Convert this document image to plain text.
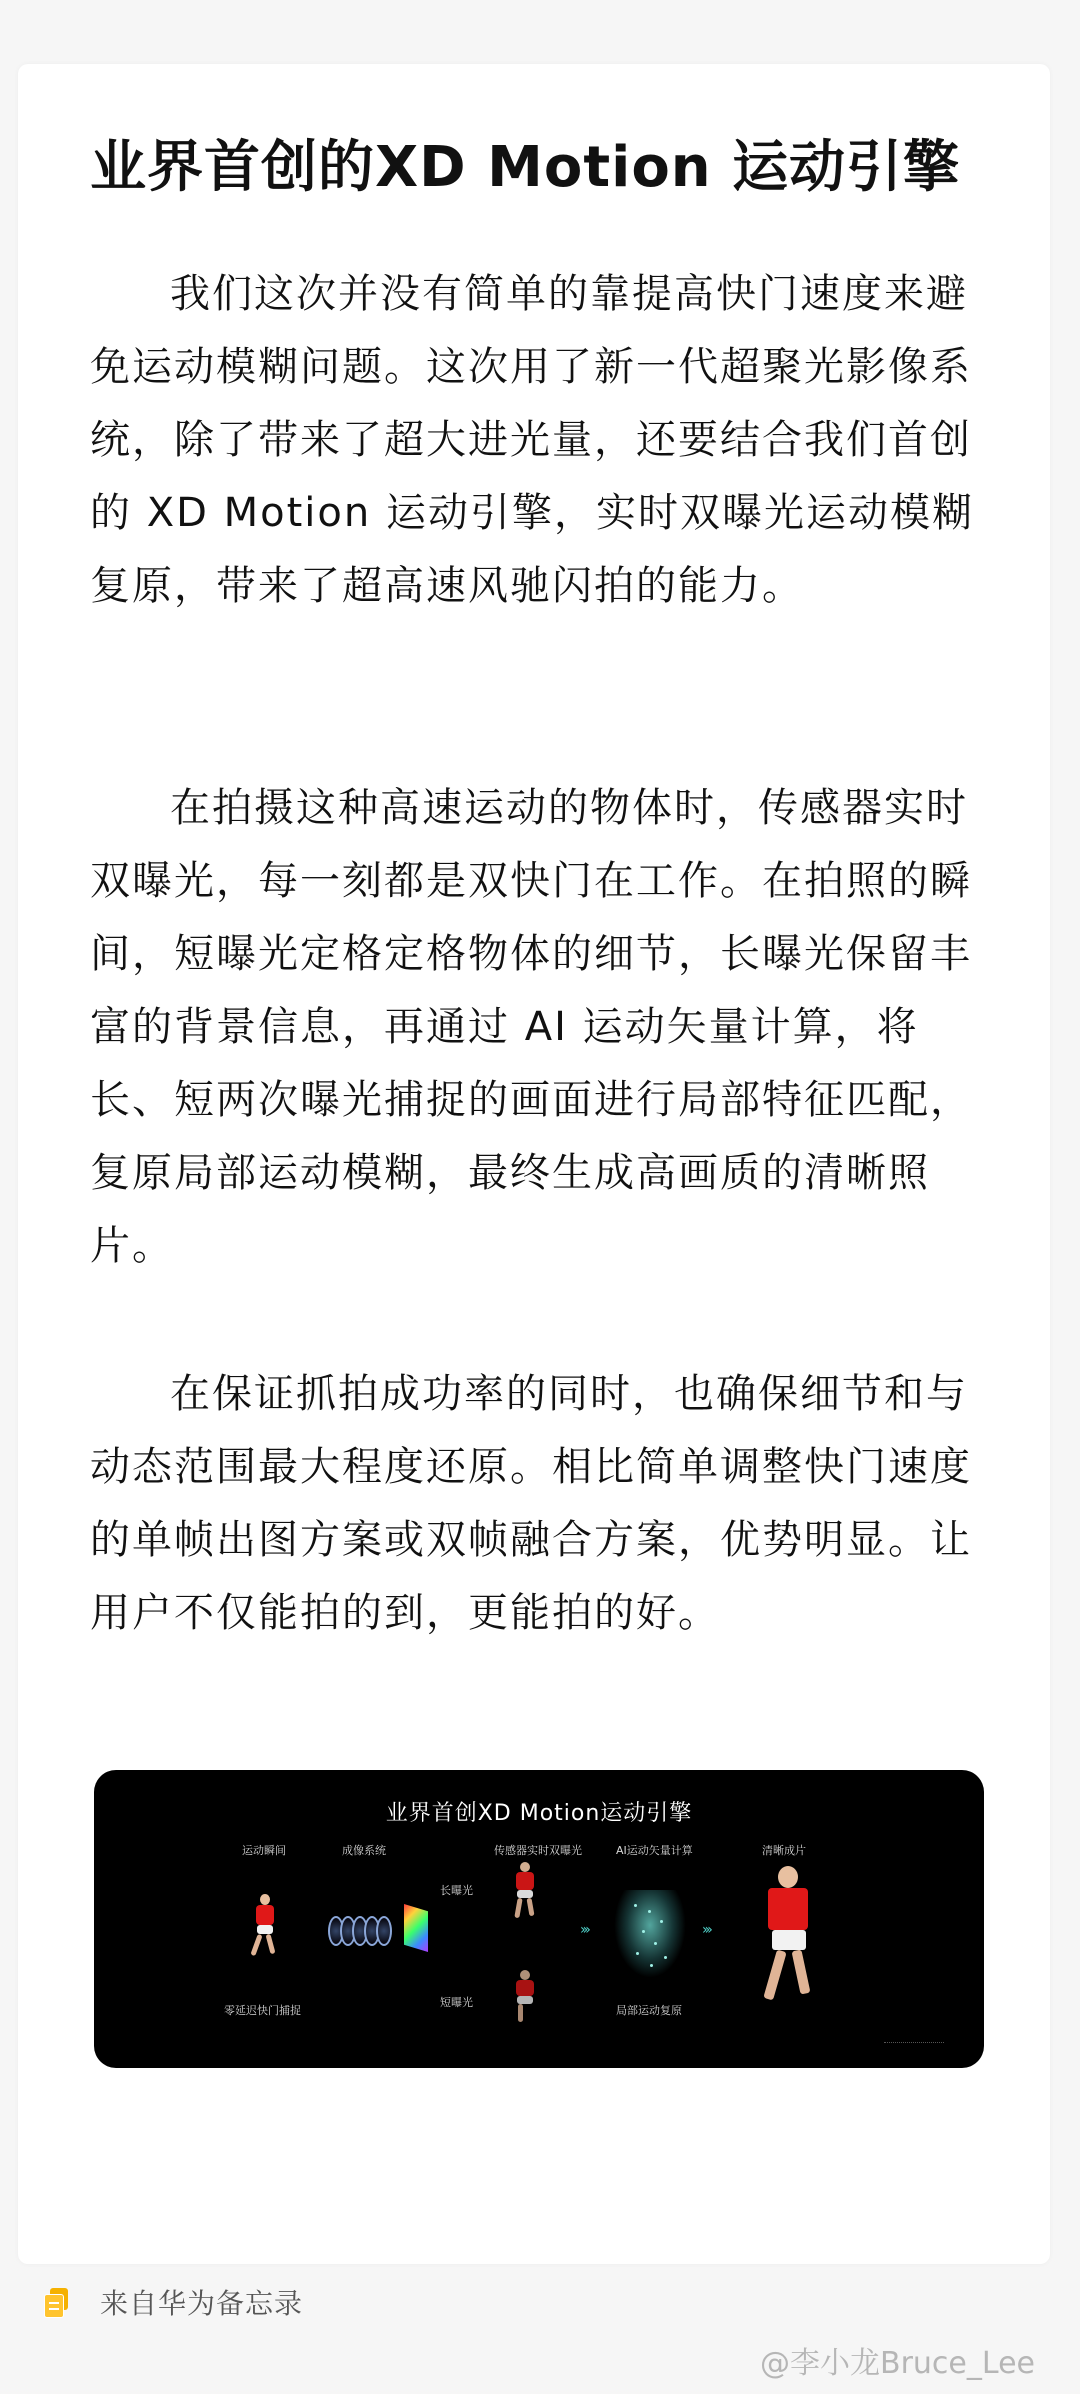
业界首创的XD Motion 运动引擎
我们这次并没有简单的靠提高快门速度来避免运动模糊问题。这次用了新一代超聚光影像系统，除了带来了超大进光量，还要结合我们首创的 XD Motion 运动引擎，实时双曝光运动模糊复原，带来了超高速风驰闪拍的能力。
在拍摄这种高速运动的物体时，传感器实时双曝光，每一刻都是双快门在工作。在拍照的瞬间，短曝光定格定格物体的细节，长曝光保留丰富的背景信息，再通过 AI 运动矢量计算，将长、短两次曝光捕捉的画面进行局部特征匹配，复原局部运动模糊，最终生成高画质的清晰照片。
在保证抓拍成功率的同时，也确保细节和与动态范围最大程度还原。相比简单调整快门速度的单帧出图方案或双帧融合方案，优势明显。让用户不仅能拍的到，更能拍的好。
业界首创XD Motion运动引擎
运动瞬间	成像系统	传感器实时双曝光	AI运动矢量计算	清晰成片
长曝光
短曝光
零延迟快门捕捉	局部运动复原
›››	›››
来自华为备忘录
@李小龙Bruce_Lee
